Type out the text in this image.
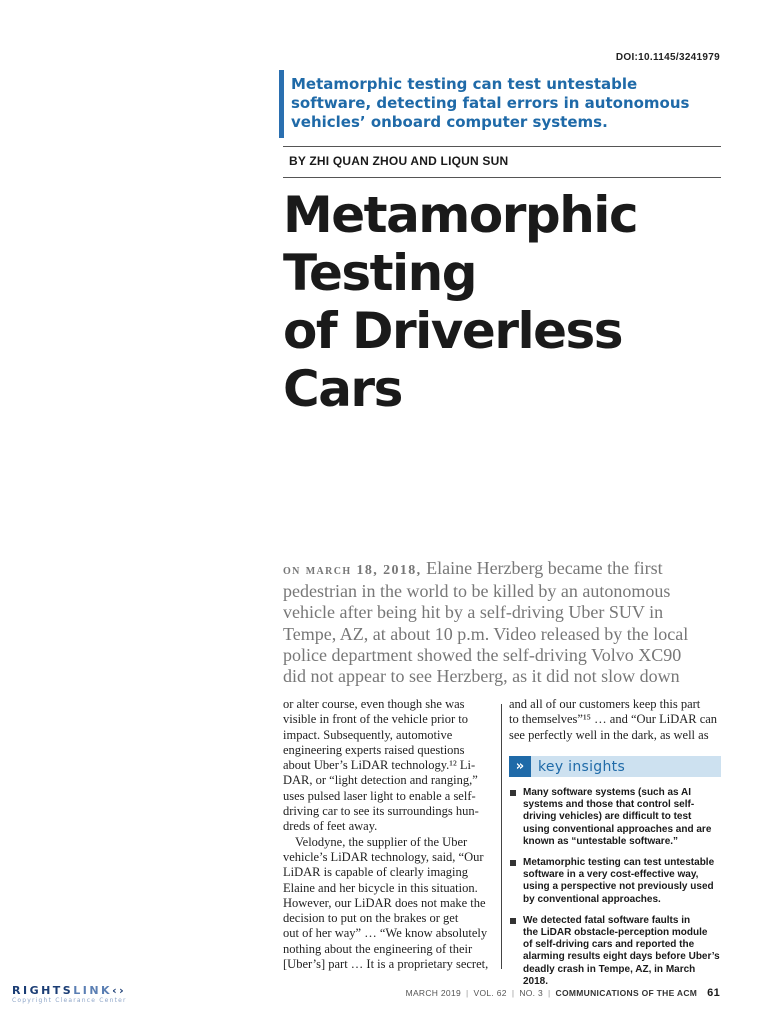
DOI:10.1145/3241979
Metamorphic testing can test untestable
software, detecting fatal errors in autonomous
vehicles’ onboard computer systems.
BY ZHI QUAN ZHOU AND LIQUN SUN
Metamorphic
Testing
of Driverless
Cars
on march 18, 2018, Elaine Herzberg became the first
pedestrian in the world to be killed by an autonomous
vehicle after being hit by a self-driving Uber SUV in
Tempe, AZ, at about 10 p.m. Video released by the local
police department showed the self-driving Volvo XC90
did not appear to see Herzberg, as it did not slow down
or alter course, even though she was
visible in front of the vehicle prior to
impact. Subsequently, automotive
engineering experts raised questions
about Uber’s LiDAR technology.¹² Li-
DAR, or “light detection and ranging,”
uses pulsed laser light to enable a self-
driving car to see its surroundings hun-
dreds of feet away.
Velodyne, the supplier of the Uber
vehicle’s LiDAR technology, said, “Our
LiDAR is capable of clearly imaging
Elaine and her bicycle in this situation.
However, our LiDAR does not make the
decision to put on the brakes or get
out of her way” … “We know absolutely
nothing about the engineering of their
[Uber’s] part … It is a proprietary secret,
and all of our customers keep this part
to themselves”¹⁵ … and “Our LiDAR can
see perfectly well in the dark, as well as
» key insights
Many software systems (such as AI
systems and those that control self-
driving vehicles) are difficult to test
using conventional approaches and are
known as “untestable software.”
Metamorphic testing can test untestable
software in a very cost-effective way,
using a perspective not previously used
by conventional approaches.
We detected fatal software faults in
the LiDAR obstacle-perception module
of self-driving cars and reported the
alarming results eight days before Uber’s
deadly crash in Tempe, AZ, in March 2018.
RIGHTSLINK‹›
Copyright Clearance Center
MARCH 2019 | VOL. 62 | NO. 3 | COMMUNICATIONS OF THE ACM 61
